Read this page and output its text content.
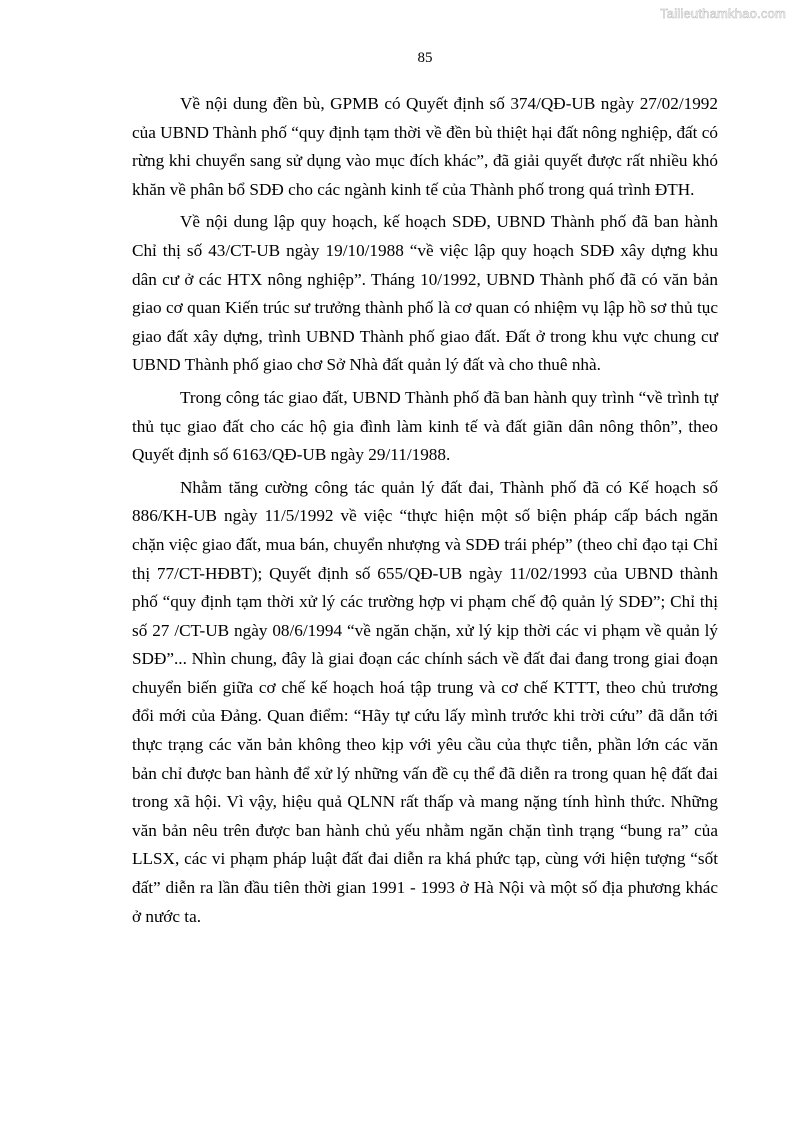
Tailieuthamkhao.com
85

Về nội dung đền bù, GPMB có Quyết định số 374/QĐ-UB ngày 27/02/1992 của UBND Thành phố “quy định tạm thời về đền bù thiệt hại đất nông nghiệp, đất có rừng khi chuyển sang sử dụng vào mục đích khác”, đã giải quyết được rất nhiều khó khăn về phân bổ SDĐ cho các ngành kinh tế của Thành phố trong quá trình ĐTH.

Về nội dung lập quy hoạch, kế hoạch SDĐ, UBND Thành phố đã ban hành Chỉ thị số 43/CT-UB ngày 19/10/1988 “về việc lập quy hoạch SDĐ xây dựng khu dân cư ở các HTX nông nghiệp”. Tháng 10/1992, UBND Thành phố đã có văn bản giao cơ quan Kiến trúc sư trưởng thành phố là cơ quan có nhiệm vụ lập hồ sơ thủ tục giao đất xây dựng, trình UBND Thành phố giao đất. Đất ở trong khu vực chung cư UBND Thành phố giao chơ Sở Nhà đất quản lý đất và cho thuê nhà.

Trong công tác giao đất, UBND Thành phố đã ban hành quy trình “về trình tự thủ tục giao đất cho các hộ gia đình làm kinh tế và đất giãn dân nông thôn”, theo Quyết định số 6163/QĐ-UB ngày 29/11/1988.

Nhằm tăng cường công tác quản lý đất đai, Thành phố đã có Kế hoạch số 886/KH-UB ngày 11/5/1992 về việc “thực hiện một số biện pháp cấp bách ngăn chặn việc giao đất, mua bán, chuyển nhượng và SDĐ trái phép” (theo chỉ đạo tại Chỉ thị 77/CT-HĐBT); Quyết định số 655/QĐ-UB ngày 11/02/1993 của UBND thành phố “quy định tạm thời xử lý các trường hợp vi phạm chế độ quản lý SDĐ”; Chỉ thị số 27 /CT-UB ngày 08/6/1994 “về ngăn chặn, xử lý kịp thời các vi phạm về quản lý SDĐ”... Nhìn chung, đây là giai đoạn các chính sách về đất đai đang trong giai đoạn chuyển biến giữa cơ chế kế hoạch hoá tập trung và cơ chế KTTT, theo chủ trương đổi mới của Đảng. Quan điểm: “Hãy tự cứu lấy mình trước khi trời cứu” đã dẫn tới thực trạng các văn bản không theo kịp với yêu cầu của thực tiễn, phần lớn các văn bản chỉ được ban hành để xử lý những vấn đề cụ thể đã diễn ra trong quan hệ đất đai trong xã hội. Vì vậy, hiệu quả QLNN rất thấp và mang nặng tính hình thức. Những văn bản nêu trên được ban hành chủ yếu nhằm ngăn chặn tình trạng “bung ra” của LLSX, các vi phạm pháp luật đất đai diễn ra khá phức tạp, cùng với hiện tượng “sốt đất” diễn ra lần đầu tiên thời gian 1991 - 1993 ở Hà Nội và một số địa phương khác ở nước ta.
